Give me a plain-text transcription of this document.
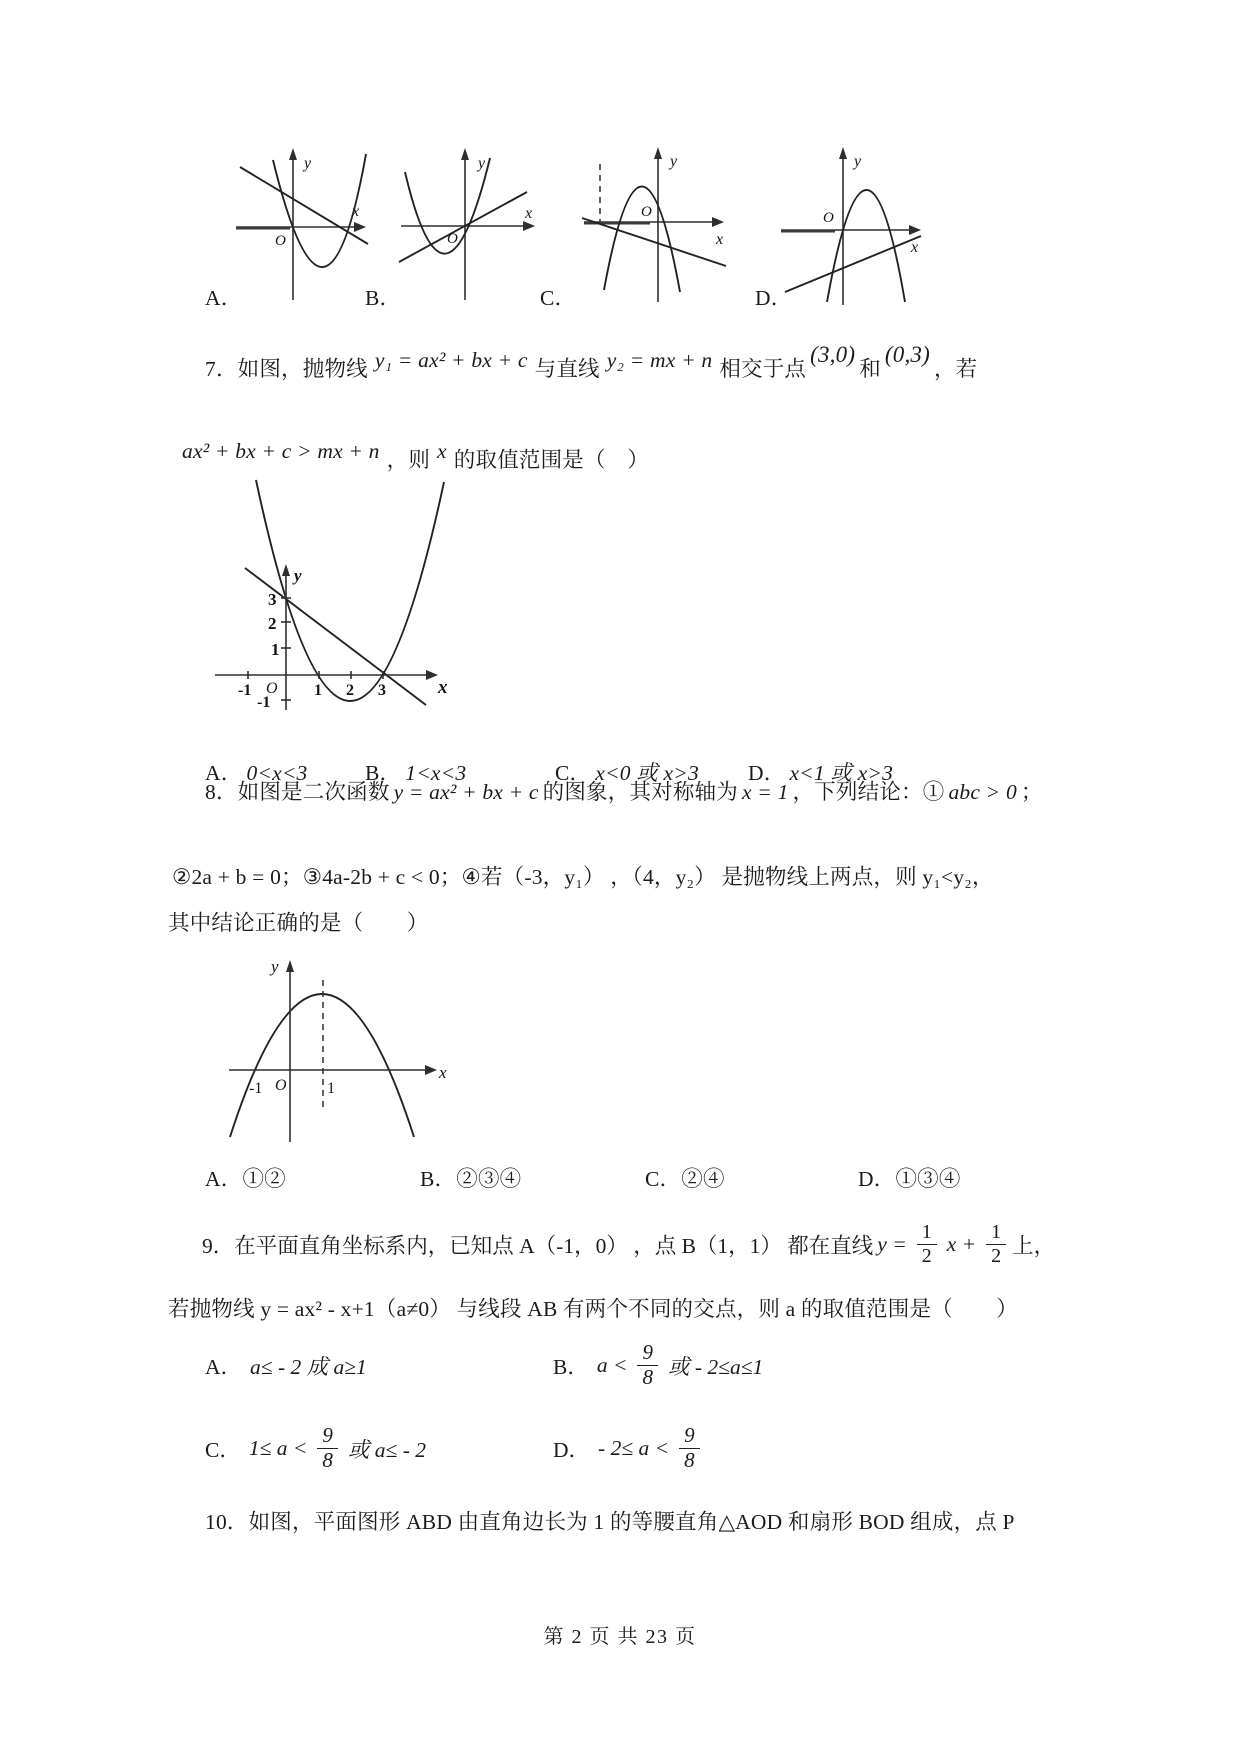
y
x
O
y
x
O
y
x
O
y
x
O
A．	B．	C．	D．
7．如图，抛物线 y₁ = ax² + bx + c 与直线 y₂ = mx + n 相交于点(3,0)和(0,3)，若
ax² + bx + c > mx + n ，则 x 的取值范围是（　）
3
2
1
-1
-1 O 1 2 3
y
x
A． 0<x<3	B． 1<x<3	C． x<0 或 x>3 D． x<1 或 x>3
8．如图是二次函数 y = ax² + bx + c 的图象，其对称轴为 x = 1 ，下列结论：① abc > 0 ；
②2a + b = 0；③4a-2b + c < 0；④若（-3，y₁） ，（4，y₂） 是抛物线上两点，则 y₁<y₂，
其中结论正确的是（　　）
y
x
O
-1	1
A．①②	B．②③④	C．②④	D．①③④
9．在平面直角坐标系内，已知点 A（-1，0） ，点 B（1，1） 都在直线 $y = \frac{1}{2}$ $x + \frac{1}{2}$ 上，
若抛物线 y = ax² - x+1（a≠0） 与线段 AB 有两个不同的交点，则 a 的取值范围是（　　）
A． a≤ - 2 成 a≥1	B． $a < \frac{9}{8}$ 或 - 2≤a≤1
C． $1\le a < \frac{9}{8}$ 或 a≤ - 2	D． - $2\le a < \frac{9}{8}$
10．如图，平面图形 ABD 由直角边长为 1 的等腰直角△AOD 和扇形 BOD 组成，点 P
第 2 页 共 23 页
